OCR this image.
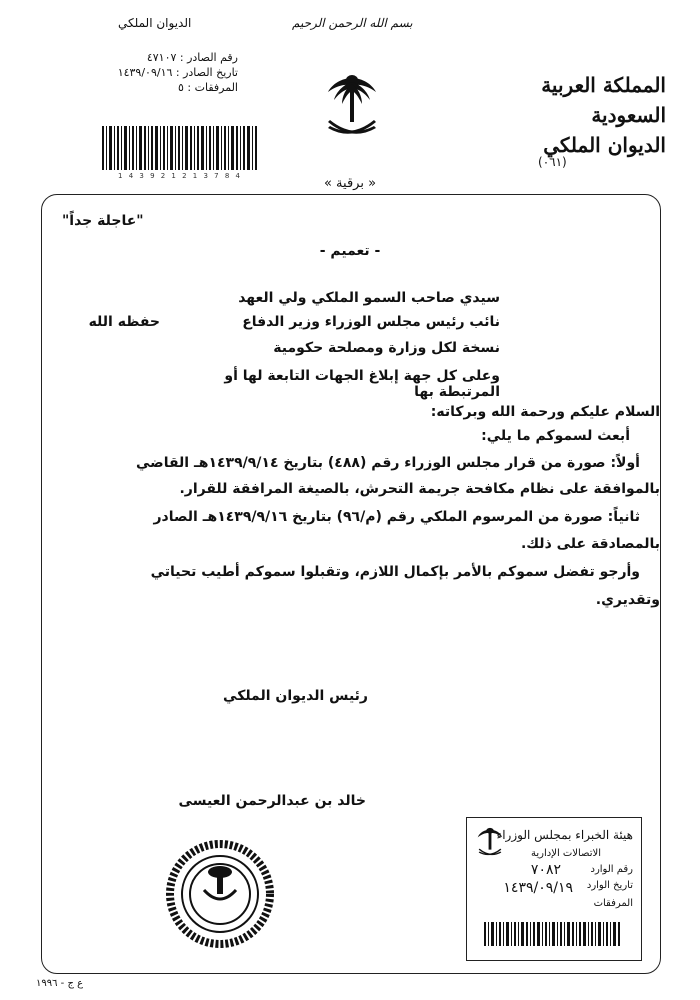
الديوان الملكي	بسم الله الرحمن الرحيم
رقم الصادر : ٤٧١٠٧
تاريخ الصادر : ١٤٣٩/٠٩/١٦
المرفقات : ٥
1 4 3 9 2 1 2 1 3 7 8 4
المملكة العربية السعودية
الديوان الملكي
(٠٦١)
« برقية »
"عاجلة جداً"
- تعميم -
سيدي صاحب السمو الملكي ولي العهد
نائب رئيس مجلس الوزراء وزير الدفاع
نسخة لكل وزارة ومصلحة حكومية
حفظه الله
وعلى كل جهة إبلاغ الجهات التابعة لها أو المرتبطة بها
السلام عليكم ورحمة الله وبركاته:
أبعث لسموكم ما يلي:
أولاً: صورة من قرار مجلس الوزراء رقم (٤٨٨) بتاريخ ١٤٣٩/٩/١٤هـ القاضي
بالموافقة على نظام مكافحة جريمة التحرش، بالصيغة المرافقة للقرار.
ثانياً: صورة من المرسوم الملكي رقم (م/٩٦) بتاريخ ١٤٣٩/٩/١٦هـ الصادر
بالمصادقة على ذلك.
وأرجو تفضل سموكم بالأمر بإكمال اللازم، وتقبلوا سموكم أطيب تحياتي
وتقديري.
رئيس الديوان الملكي
خالد بن عبدالرحمن العيسى
هيئة الخبراء بمجلس الوزراء
الاتصالات الإدارية
رقم الوارد
٧٠٨٢
تاريخ الوارد
١٤٣٩/٠٩/١٩
المرفقات
ع ج - ١٩٩٦
